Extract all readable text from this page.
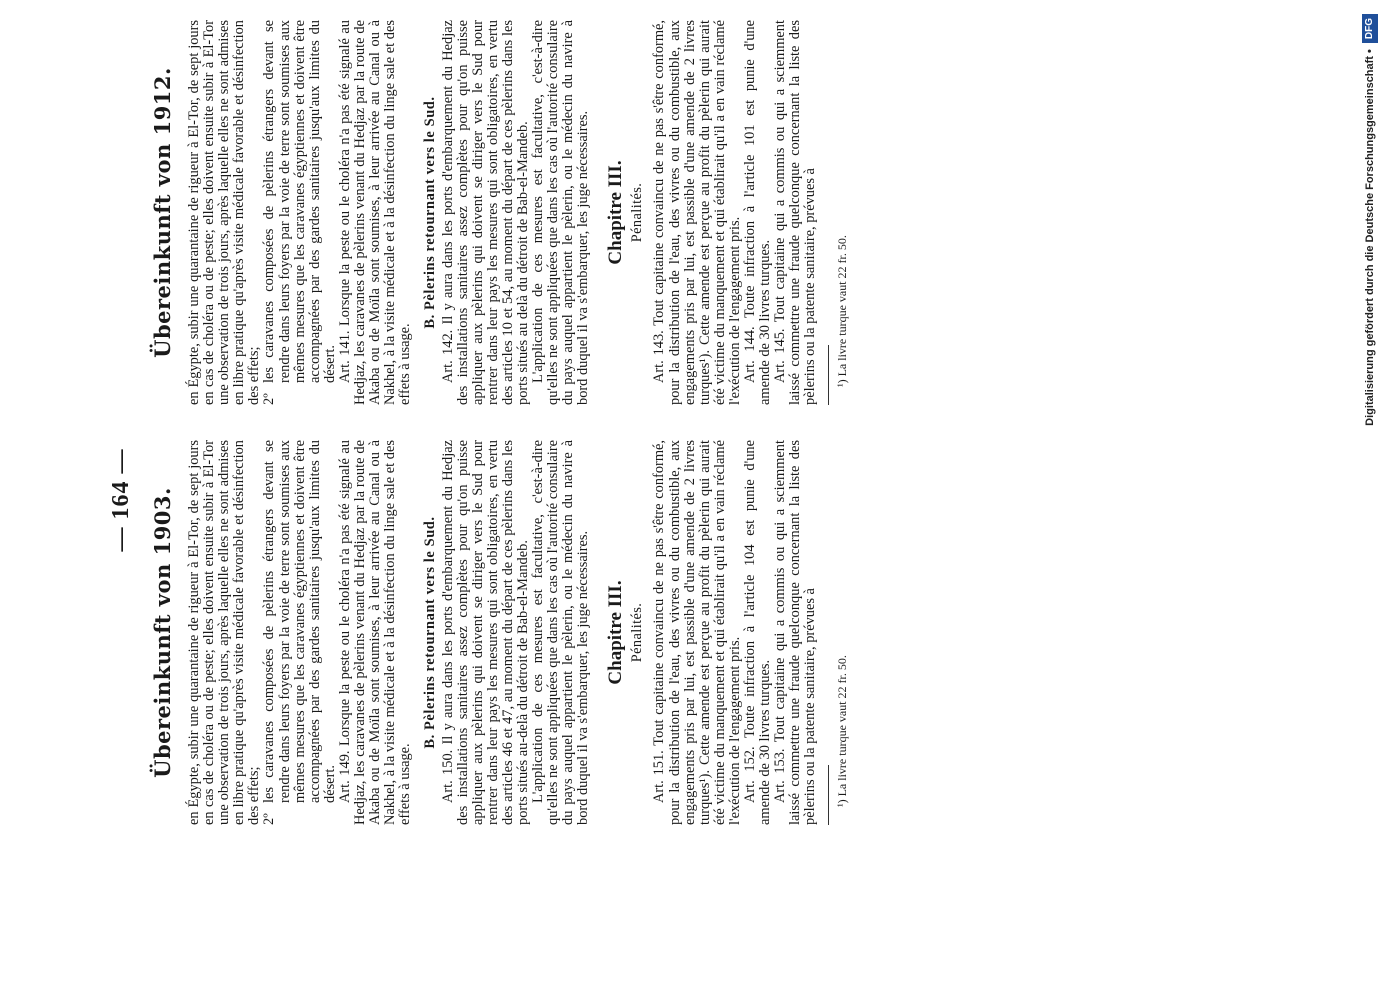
— 164 — Übereinkunft von 1903. en Égypte, subir une quarantaine de rigueur à El-Tor, de sept jours en cas de choléra ou de peste; elles doivent ensuite subir à El-Tor une observation de trois jours, après laquelle elles ne sont admises en libre pratique qu'après visite médicale favorable et désinfection des effets; 2ºles caravanes composées de pèlerins étrangers devant se rendre dans leurs foyers par la voie de terre sont soumises aux mêmes mesures que les caravanes égyptiennes et doivent être accompagnées par des gardes sanitaires jusqu'aux limites du désert. Art. 149. Lorsque la peste ou le choléra n'a pas été signalé au Hedjaz, les caravanes de pèlerins venant du Hedjaz par la route de Akaba ou de Moïla sont soumises, à leur arrivée au Canal ou à Nakhel, à la visite médicale et à la désinfection du linge sale et des effets à usage.

B. Pèlerins retournant vers le Sud. Art. 150. Il y aura dans les ports d'embarquement du Hedjaz des installations sanitaires assez complètes pour qu'on puisse appliquer aux pèlerins qui doivent se diriger vers le Sud pour rentrer dans leur pays les mesures qui sont obligatoires, en vertu des articles 46 et 47, au moment du départ de ces pèlerins dans les ports situés au-delà du détroit de Bab-el-Mandeb. L'application de ces mesures est facultative, c'est-à-dire qu'elles ne sont appliquées que dans les cas où l'autorité consulaire du pays auquel appartient le pèlerin, ou le médecin du navire à bord duquel il va s'embarquer, les juge nécessaires. Chapitre III. Pénalités. Art. 151. Tout capitaine convaincu de ne pas s'être conformé, pour la distribution de l'eau, des vivres ou du combustible, aux engagements pris par lui, est passible d'une amende de 2 livres turques¹). Cette amende est perçue au profit du pèlerin qui aurait été victime du manquement et qui établirait qu'il a en vain réclamé l'exécution de l'engagement pris. Art. 152. Toute infraction à l'article 104 est punie d'une amende de 30 livres turques. Art. 153. Tout capitaine qui a commis ou qui a sciemment laissé commettre une fraude quelconque concernant la liste des pèlerins ou la patente sanitaire, prévues à ¹) La livre turque vaut 22 fr. 50.

Übereinkunft von 1912. en Égypte, subir une quarantaine de rigueur à El-Tor, de sept jours en cas de choléra ou de peste; elles doivent ensuite subir à El-Tor une observation de trois jours, après laquelle elles ne sont admises en libre pratique qu'après visite médicale favorable et désinfection des effets; 2ºles caravanes composées de pèlerins étrangers devant se rendre dans leurs foyers par la voie de terre sont soumises aux mêmes mesures que les caravanes égyptiennes et doivent être accompagnées par des gardes sanitaires jusqu'aux limites du désert. Art. 141. Lorsque la peste ou le choléra n'a pas été signalé au Hedjaz, les caravanes de pèlerins venant du Hedjaz par la route de Akaba ou de Moïla sont soumises, à leur arrivée au Canal ou à Nakhel, à la visite médicale et à la désinfection du linge sale et des effets à usage.

B. Pèlerins retournant vers le Sud. Art. 142. Il y aura dans les ports d'embarquement du Hedjaz des installations sanitaires assez complètes pour qu'on puisse appliquer aux pèlerins qui doivent se diriger vers le Sud pour rentrer dans leur pays les mesures qui sont obligatoires, en vertu des articles 10 et 54, au moment du départ de ces pèlerins dans les ports situés au delà du détroit de Bab-el-Mandeb. L'application de ces mesures est facultative, c'est-à-dire qu'elles ne sont appliquées que dans les cas où l'autorité consulaire du pays auquel appartient le pèlerin, ou le médecin du navire à bord duquel il va s'embarquer, les juge nécessaires. Chapitre III. Pénalités. Art. 143. Tout capitaine convaincu de ne pas s'être conformé, pour la distribution de l'eau, des vivres ou du combustible, aux engagements pris par lui, est passible d'une amende de 2 livres turques¹). Cette amende est perçue au profit du pèlerin qui aurait été victime du manquement et qui établirait qu'il a en vain réclamé l'exécution de l'engagement pris. Art. 144. Toute infraction à l'article 101 est punie d'une amende de 30 livres turques. Art. 145. Tout capitaine qui a commis ou qui a sciemment laissé commettre une fraude quelconque concernant la liste des pèlerins ou la patente sanitaire, prévues à ¹) La livre turque vaut 22 fr. 50.	Digitalisierung gefördert durch die Deutsche Forschungsgemeinschaft •
DFG
